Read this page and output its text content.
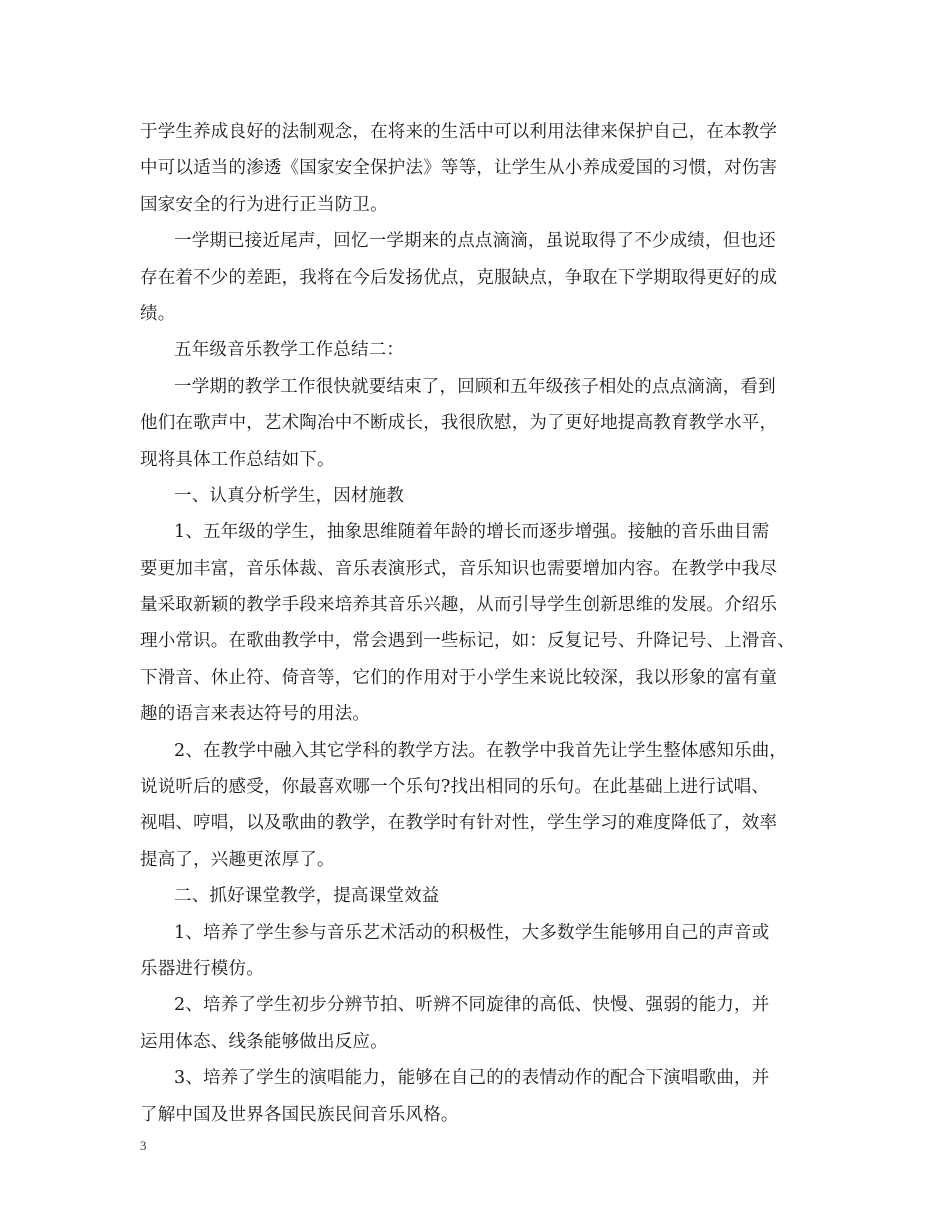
于学生养成良好的法制观念，在将来的生活中可以利用法律来保护自己，在本教学
中可以适当的渗透《国家安全保护法》等等，让学生从小养成爱国的习惯，对伤害
国家安全的行为进行正当防卫。
一学期已接近尾声，回忆一学期来的点点滴滴，虽说取得了不少成绩，但也还
存在着不少的差距，我将在今后发扬优点，克服缺点，争取在下学期取得更好的成
绩。
五年级音乐教学工作总结二：
一学期的教学工作很快就要结束了，回顾和五年级孩子相处的点点滴滴，看到
他们在歌声中，艺术陶冶中不断成长，我很欣慰，为了更好地提高教育教学水平，
现将具体工作总结如下。
一、认真分析学生，因材施教
1、五年级的学生，抽象思维随着年龄的增长而逐步增强。接触的音乐曲目需
要更加丰富，音乐体裁、音乐表演形式，音乐知识也需要增加内容。在教学中我尽
量采取新颖的教学手段来培养其音乐兴趣，从而引导学生创新思维的发展。介绍乐
理小常识。在歌曲教学中，常会遇到一些标记，如：反复记号、升降记号、上滑音、
下滑音、休止符、倚音等，它们的作用对于小学生来说比较深，我以形象的富有童
趣的语言来表达符号的用法。
2、在教学中融入其它学科的教学方法。在教学中我首先让学生整体感知乐曲，
说说听后的感受，你最喜欢哪一个乐句?找出相同的乐句。在此基础上进行试唱、
视唱、哼唱，以及歌曲的教学，在教学时有针对性，学生学习的难度降低了，效率
提高了，兴趣更浓厚了。
二、抓好课堂教学，提高课堂效益
1、培养了学生参与音乐艺术活动的积极性，大多数学生能够用自己的声音或
乐器进行模仿。
2、培养了学生初步分辨节拍、听辨不同旋律的高低、快慢、强弱的能力，并
运用体态、线条能够做出反应。
3、培养了学生的演唱能力，能够在自己的的表情动作的配合下演唱歌曲，并
了解中国及世界各国民族民间音乐风格。
3
